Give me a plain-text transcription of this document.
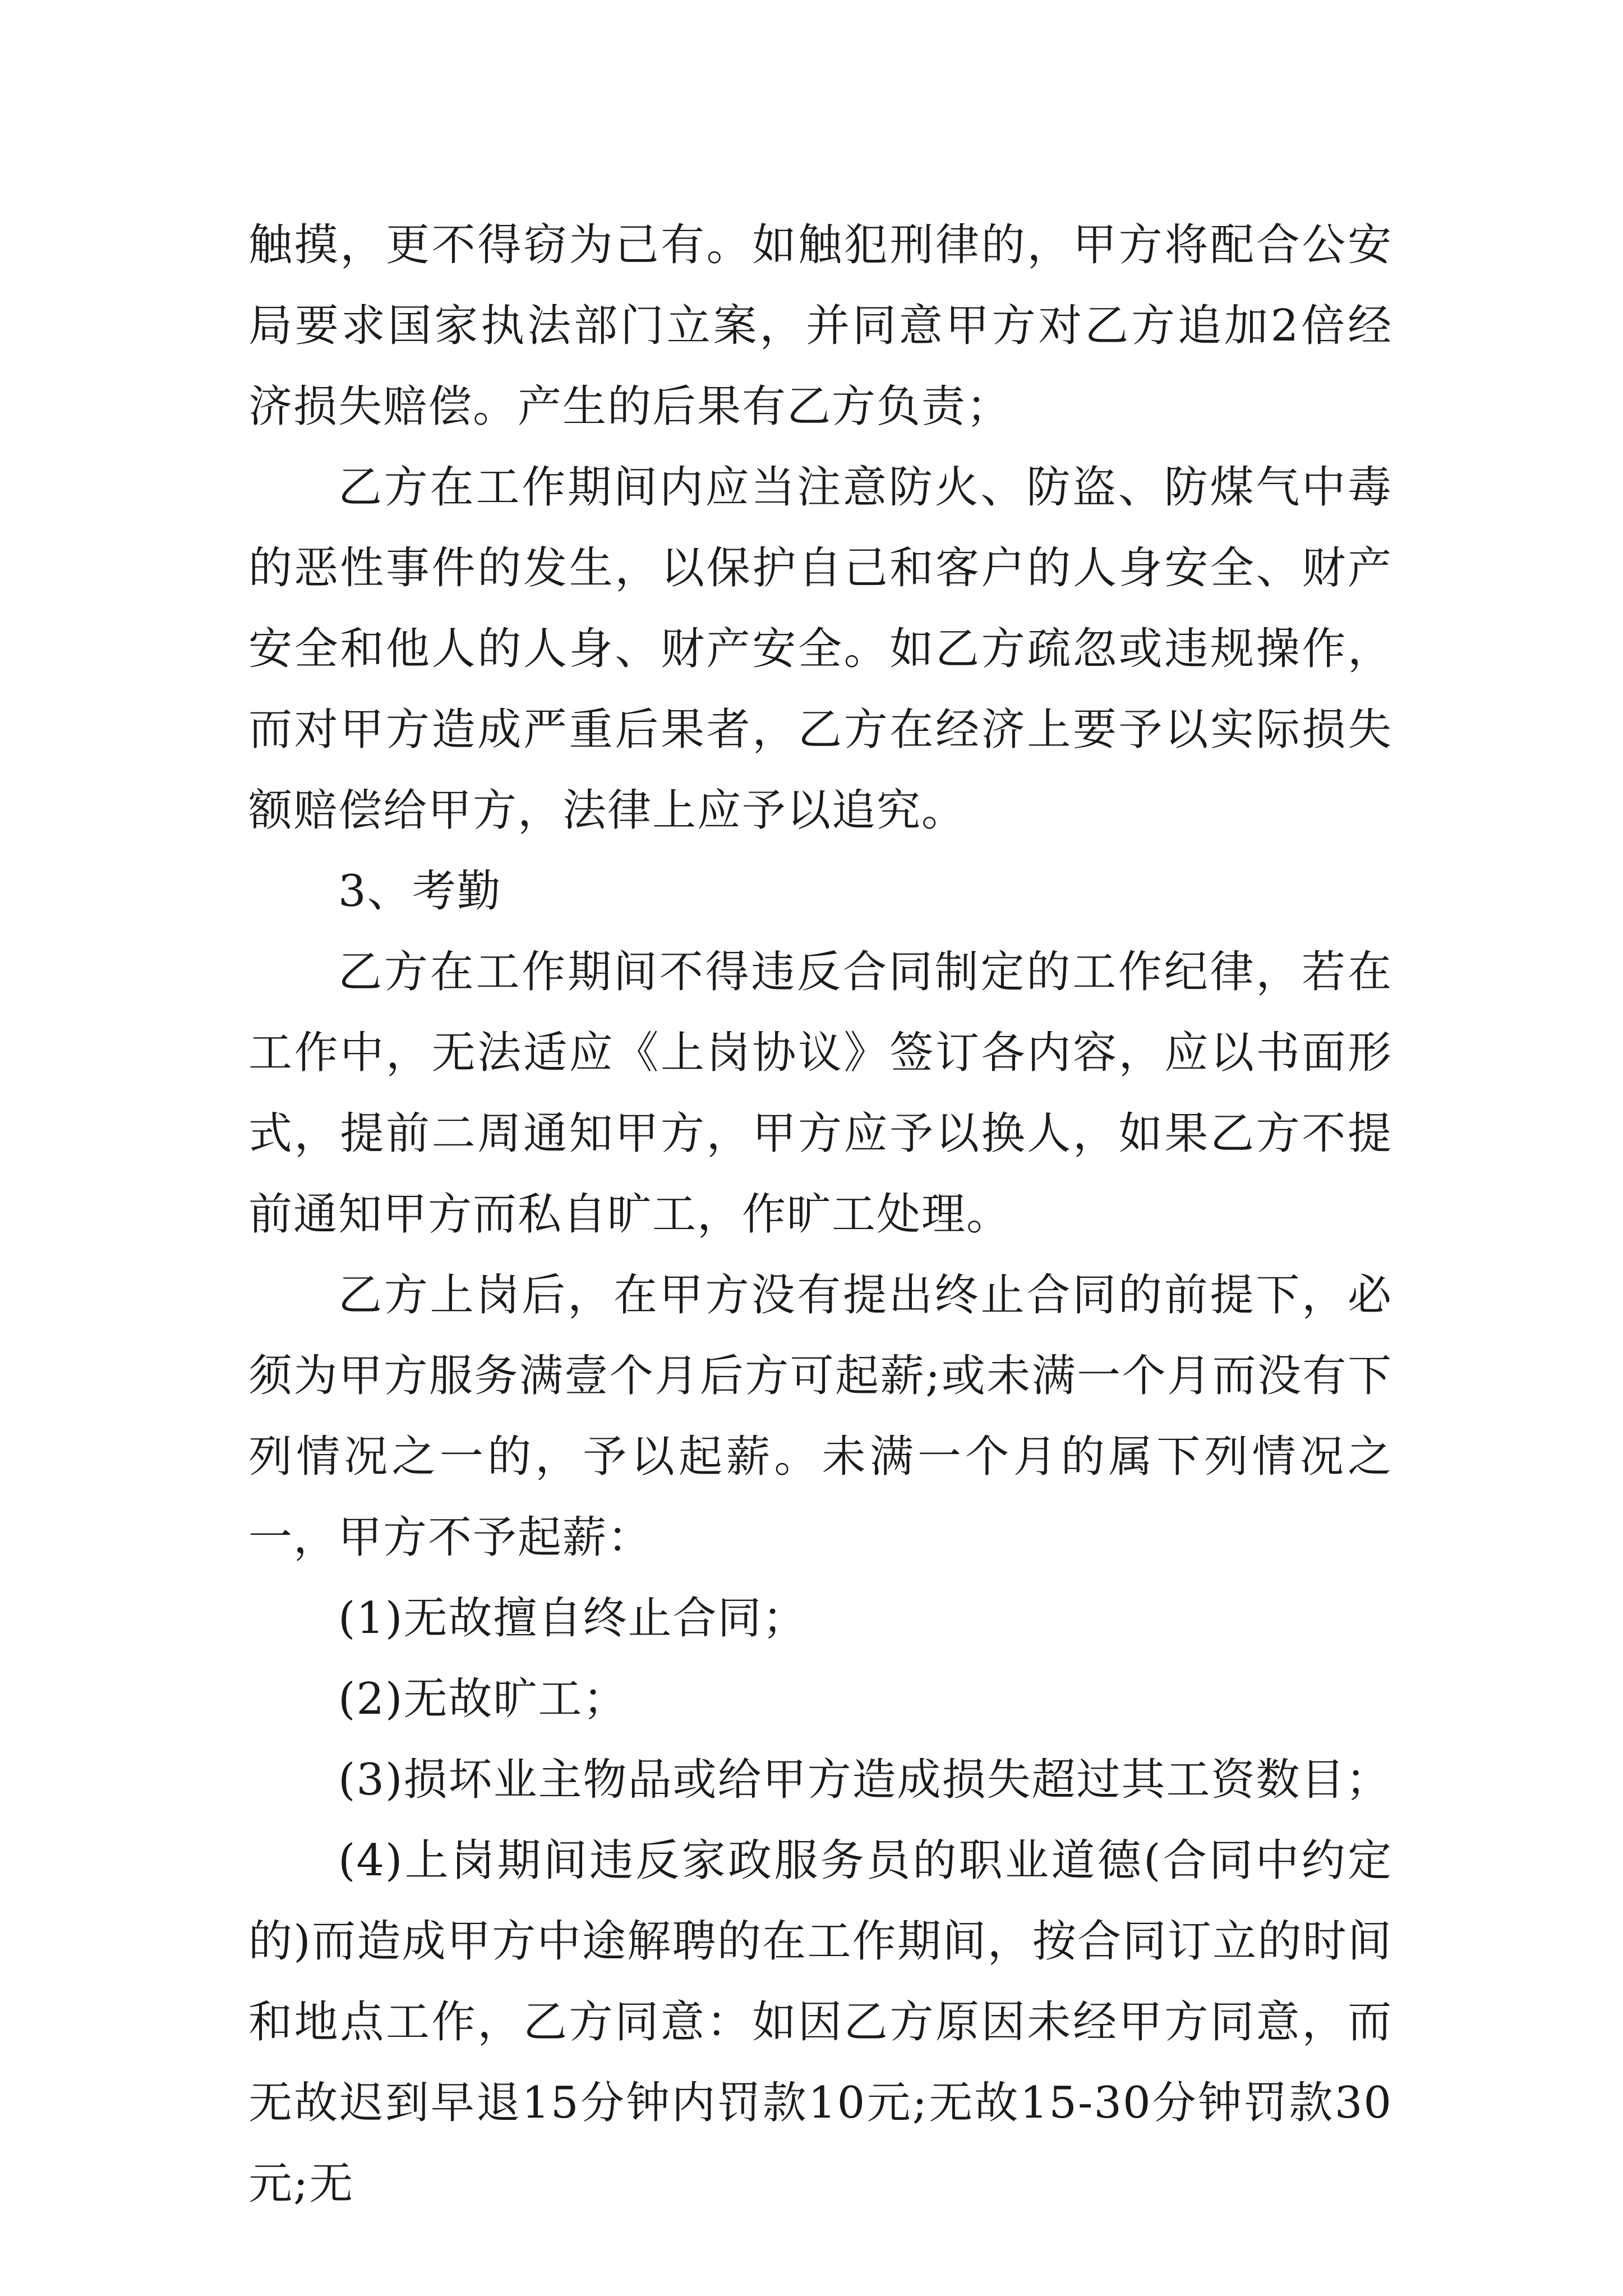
触摸，更不得窃为己有。如触犯刑律的，甲方将配合公安局要求国家执法部门立案，并同意甲方对乙方追加2倍经济损失赔偿。产生的后果有乙方负责；

乙方在工作期间内应当注意防火、防盗、防煤气中毒的恶性事件的发生，以保护自己和客户的人身安全、财产安全和他人的人身、财产安全。如乙方疏忽或违规操作，而对甲方造成严重后果者，乙方在经济上要予以实际损失额赔偿给甲方，法律上应予以追究。

3、考勤

乙方在工作期间不得违反合同制定的工作纪律，若在工作中，无法适应《上岗协议》签订各内容，应以书面形式，提前二周通知甲方，甲方应予以换人，如果乙方不提前通知甲方而私自旷工，作旷工处理。

乙方上岗后，在甲方没有提出终止合同的前提下，必须为甲方服务满壹个月后方可起薪;或未满一个月而没有下列情况之一的，予以起薪。未满一个月的属下列情况之一，甲方不予起薪：

(1)无故擅自终止合同；

(2)无故旷工；

(3)损坏业主物品或给甲方造成损失超过其工资数目；

(4)上岗期间违反家政服务员的职业道德(合同中约定的)而造成甲方中途解聘的在工作期间，按合同订立的时间和地点工作，乙方同意：如因乙方原因未经甲方同意，而无故迟到早退15分钟内罚款10元;无故15-30分钟罚款30元;无
